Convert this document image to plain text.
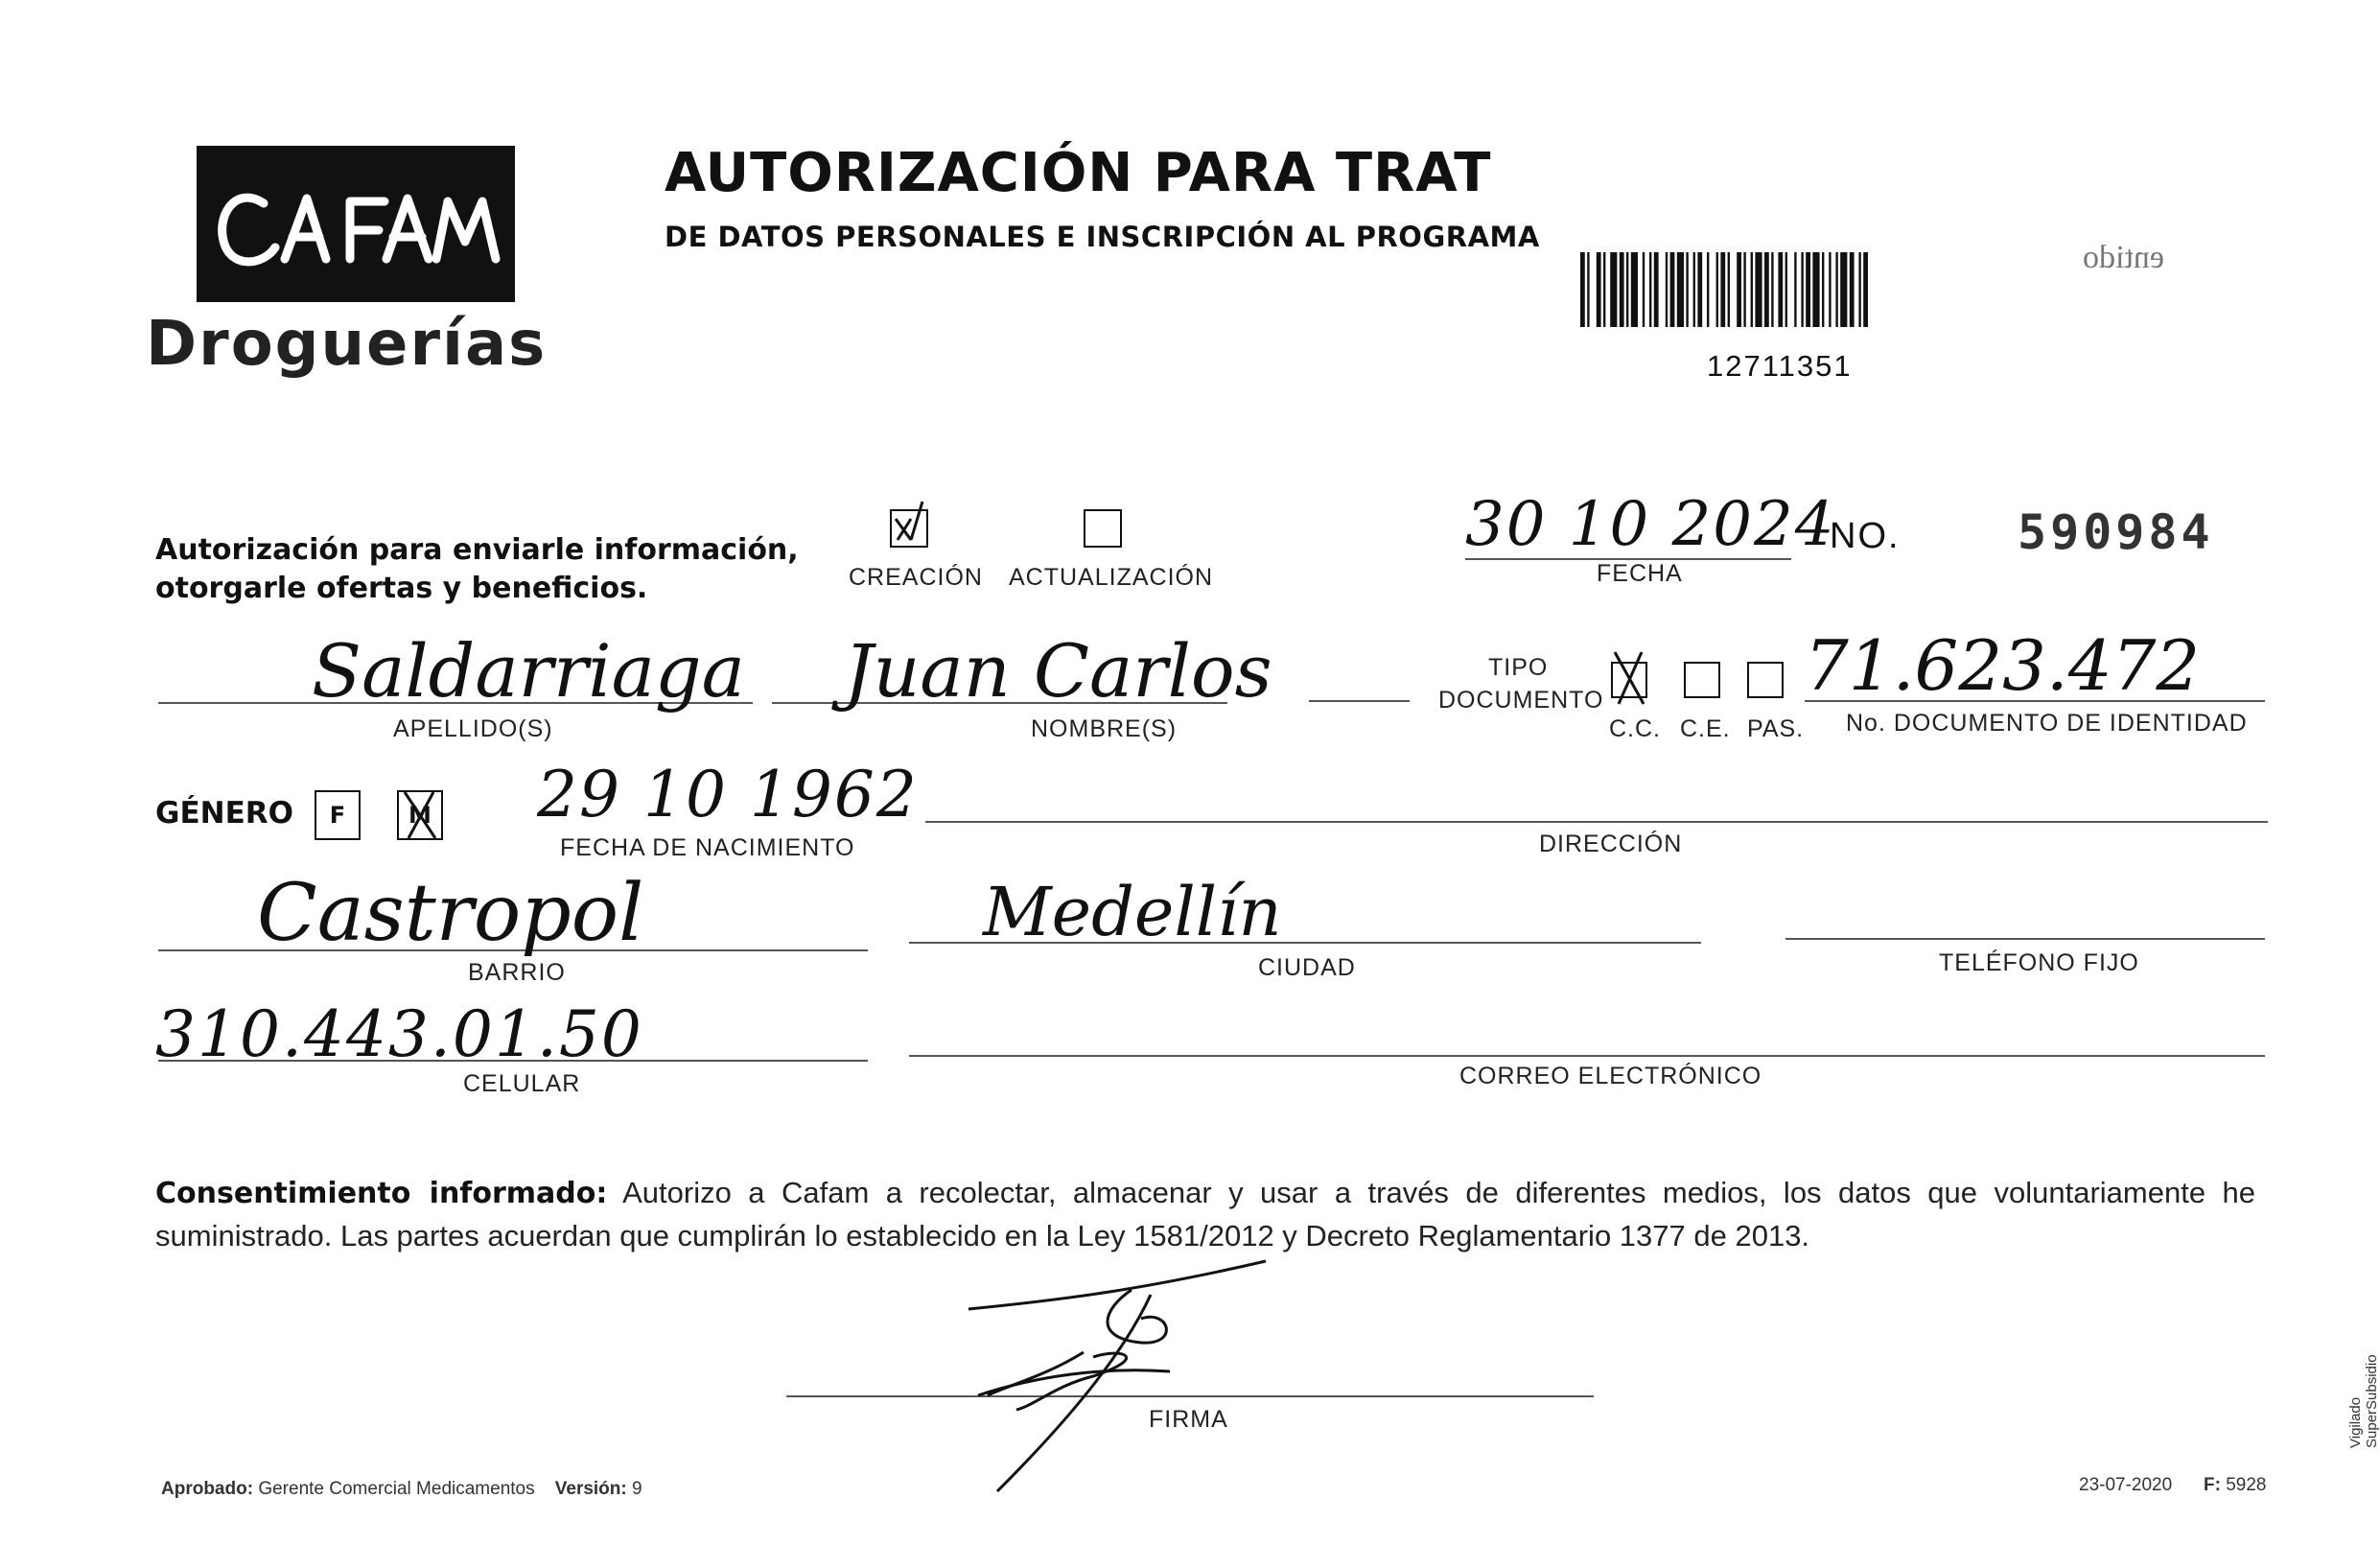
Droguerías
AUTORIZACIÓN PARA TRAT
DE DATOS PERSONALES E INSCRIPCIÓN AL PROGRAMA
12711351
entido
Autorización para enviarle información,
otorgarle ofertas y beneficios.	CREACIÓN ACTUALIZACIÓN
30 10 2024
FECHA
NO. 590984
Saldarriaga
APELLIDO(S)
Juan Carlos
NOMBRE(S)
TIPO
DOCUMENTO
C.C. C.E. PAS.
71.623.472
No. DOCUMENTO DE IDENTIDAD
GÉNERO	F	M 29 10 1962
FECHA DE NACIMIENTO	DIRECCIÓN
Castropol
BARRIO
Medellín
CIUDAD	TELÉFONO FIJO
310.443.01.50
CELULAR	CORREO ELECTRÓNICO
Consentimiento informado: Autorizo a Cafam a recolectar, almacenar y usar a través de diferentes medios, los datos que voluntariamente he suministrado. Las partes acuerdan que cumplirán lo establecido en la Ley 1581/2012 y Decreto Reglamentario 1377 de 2013.
FIRMA
Aprobado: Gerente Comercial Medicamentos Versión: 9	23-07-2020 F: 5928
Vigilado SuperSubsidio
